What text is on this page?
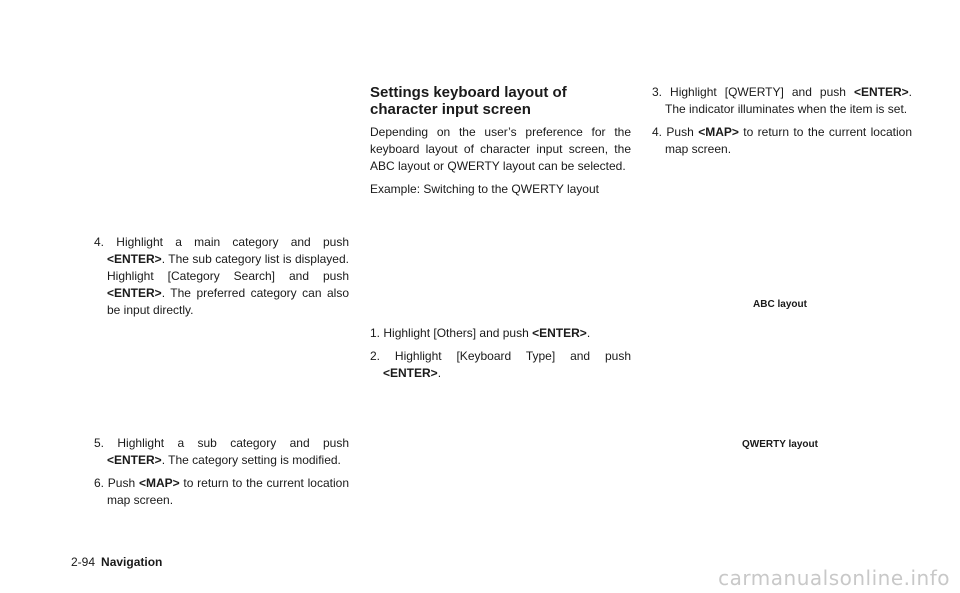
4. Highlight a main category and push <ENTER>. The sub category list is displayed. Highlight [Category Search] and push <ENTER>. The preferred category can also be input directly.

5. Highlight a sub category and push <ENTER>. The category setting is modified.

6. Push <MAP> to return to the current location map screen.

Settings keyboard layout of character input screen

Depending on the user’s preference for the keyboard layout of character input screen, the ABC layout or QWERTY layout can be selected.

Example: Switching to the QWERTY layout

1. Highlight [Others] and push <ENTER>.

2. Highlight [Keyboard Type] and push <ENTER>.

3. Highlight [QWERTY] and push <ENTER>. The indicator illuminates when the item is set.

4. Push <MAP> to return to the current location map screen.

ABC layout
QWERTY layout
2-94 Navigation
carmanualsonline.info
